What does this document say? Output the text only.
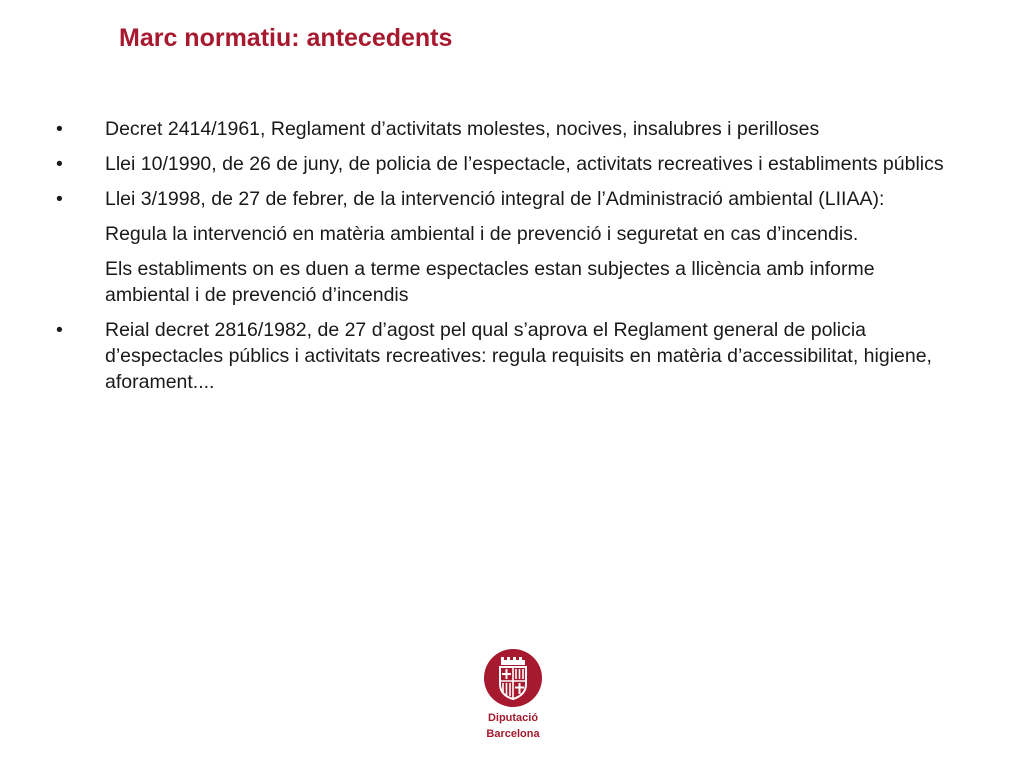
Marc normatiu: antecedents
• Decret 2414/1961, Reglament d’activitats molestes, nocives, insalubres i perilloses
• Llei 10/1990, de 26 de juny, de policia de l’espectacle, activitats recreatives i establiments públics
• Llei 3/1998, de 27 de febrer, de la intervenció integral de l’Administració ambiental (LIIAA):
Regula la intervenció en matèria ambiental i de prevenció i seguretat en cas d’incendis.
Els establiments on es duen a terme espectacles estan subjectes a llicència amb informe ambiental i de prevenció d’incendis
• Reial decret 2816/1982, de 27 d’agost pel qual s’aprova el Reglament general de policia d’espectacles públics i activitats recreatives: regula requisits en matèria d’accessibilitat, higiene, aforament....
Diputació
Barcelona
